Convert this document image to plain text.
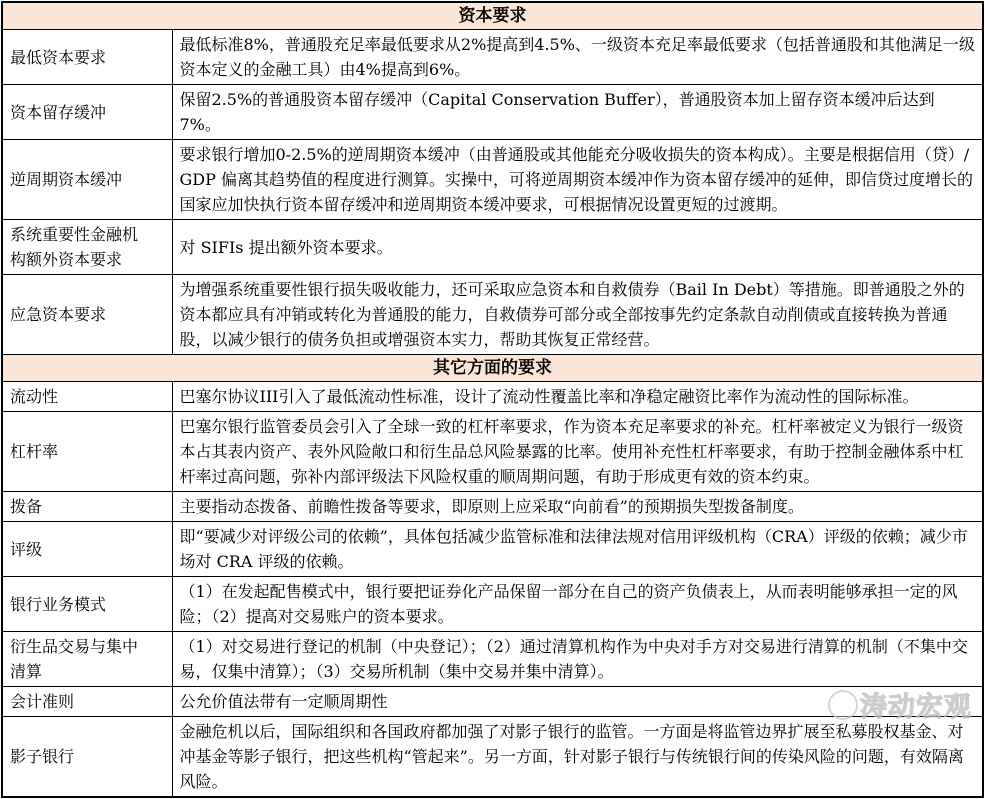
资本要求	
最低资本要求	最低标准8%，普通股充足率最低要求从2%提高到4.5%、一级资本充足率最低要求（包括普通股和其他满足一级资本定义的金融工具）由4%提高到6%。
资本留存缓冲	保留2.5%的普通股资本留存缓冲（Capital Conservation Buffer），普通股资本加上留存资本缓冲后达到7%。
逆周期资本缓冲	要求银行增加0-2.5%的逆周期资本缓冲（由普通股或其他能充分吸收损失的资本构成）。主要是根据信用（贷）/GDP 偏离其趋势值的程度进行测算。实操中，可将逆周期资本缓冲作为资本留存缓冲的延伸，即信贷过度增长的国家应加快执行资本留存缓冲和逆周期资本缓冲要求，可根据情况设置更短的过渡期。
系统重要性金融机构额外资本要求	对 SIFIs 提出额外资本要求。
应急资本要求	为增强系统重要性银行损失吸收能力，还可采取应急资本和自救债券（Bail In Debt）等措施。即普通股之外的资本都应具有冲销或转化为普通股的能力，自救债券可部分或全部按事先约定条款自动削债或直接转换为普通股，以减少银行的债务负担或增强资本实力，帮助其恢复正常经营。
其它方面的要求	
流动性	巴塞尔协议III引入了最低流动性标准，设计了流动性覆盖比率和净稳定融资比率作为流动性的国际标准。
杠杆率	巴塞尔银行监管委员会引入了全球一致的杠杆率要求，作为资本充足率要求的补充。杠杆率被定义为银行一级资本占其表内资产、表外风险敞口和衍生品总风险暴露的比率。使用补充性杠杆率要求，有助于控制金融体系中杠杆率过高问题，弥补内部评级法下风险权重的顺周期问题，有助于形成更有效的资本约束。
拨备	主要指动态拨备、前瞻性拨备等要求，即原则上应采取“向前看”的预期损失型拨备制度。
评级	即“要减少对评级公司的依赖”，具体包括减少监管标准和法律法规对信用评级机构（CRA）评级的依赖；减少市场对 CRA 评级的依赖。
银行业务模式	（1）在发起配售模式中，银行要把证券化产品保留一部分在自己的资产负债表上，从而表明能够承担一定的风险；（2）提高对交易账户的资本要求。
衍生品交易与集中清算	（1）对交易进行登记的机制（中央登记）；（2）通过清算机构作为中央对手方对交易进行清算的机制（不集中交易，仅集中清算）；（3）交易所机制（集中交易并集中清算）。
会计准则	公允价值法带有一定顺周期性
影子银行	金融危机以后，国际组织和各国政府都加强了对影子银行的监管。一方面是将监管边界扩展至私募股权基金、对冲基金等影子银行，把这些机构“管起来”。另一方面，针对影子银行与传统银行间的传染风险的问题，有效隔离风险。
涛动宏观
